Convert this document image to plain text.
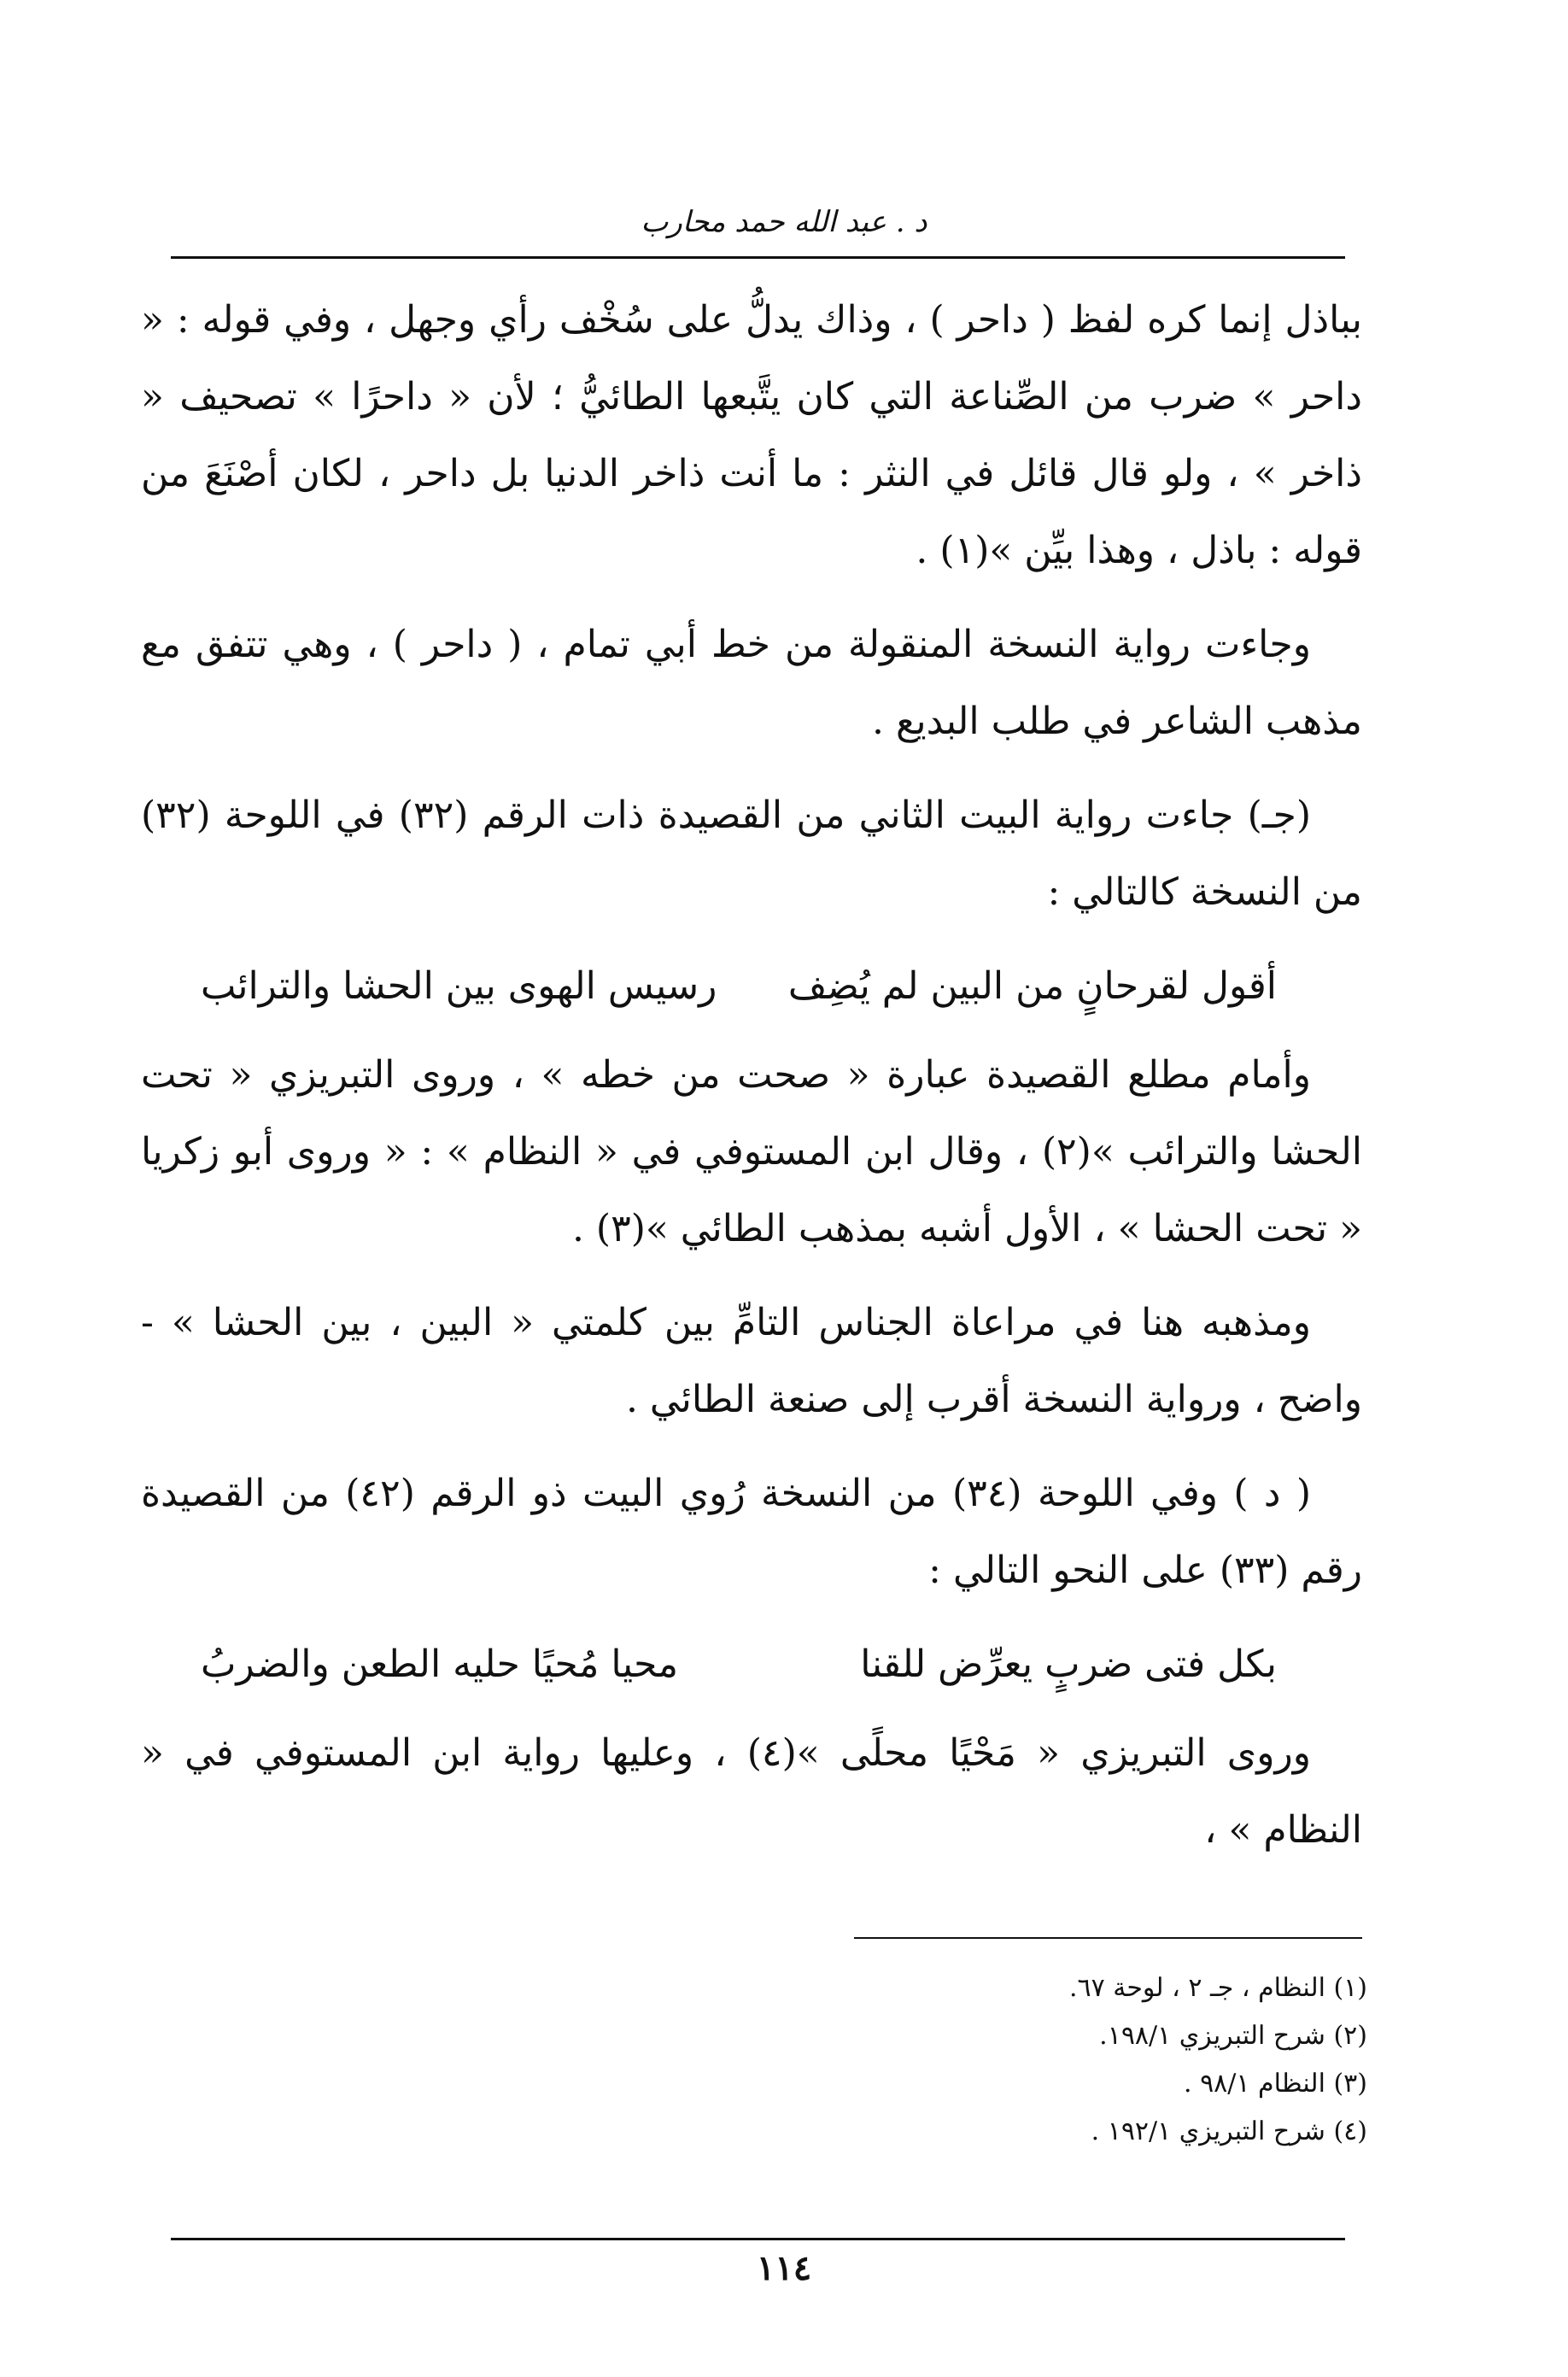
د . عبد الله حمد محارب

بباذل إنما كره لفظ ( داحر ) ، وذاك يدلُّ على سُخْف رأي وجهل ، وفي قوله : « داحر » ضرب من الصِّناعة التي كان يتَّبعها الطائيُّ ؛ لأن « داحرًا » تصحيف « ذاخر » ، ولو قال قائل في النثر : ما أنت ذاخر الدنيا بل داحر ، لكان أصْنَعَ من قوله : باذل ، وهذا بيِّن »(١) .

وجاءت رواية النسخة المنقولة من خط أبي تمام ، ( داحر ) ، وهي تتفق مع مذهب الشاعر في طلب البديع .

(جـ) جاءت رواية البيت الثاني من القصيدة ذات الرقم (٣٢) في اللوحة (٣٢) من النسخة كالتالي :

أقول لقرحانٍ من البين لم يُضِف
رسيس الهوى بين الحشا والترائب

وأمام مطلع القصيدة عبارة « صحت من خطه » ، وروى التبريزي « تحت الحشا والترائب »(٢) ، وقال ابن المستوفي في « النظام » : « وروى أبو زكريا « تحت الحشا » ، الأول أشبه بمذهب الطائي »(٣) .

ومذهبه هنا في مراعاة الجناس التامِّ بين كلمتي « البين ، بين الحشا » - واضح ، ورواية النسخة أقرب إلى صنعة الطائي .

( د ) وفي اللوحة (٣٤) من النسخة رُوي البيت ذو الرقم (٤٢) من القصيدة رقم (٣٣) على النحو التالي :

بكل فتى ضربٍ يعرِّض للقنا
محيا مُحيًا حليه الطعن والضربُ

وروى التبريزي « مَحْيًا محلًى »(٤) ، وعليها رواية ابن المستوفي في « النظام » ،

(١) النظام ، جـ ٢ ، لوحة ٦٧.
(٢) شرح التبريزي ١٩٨/١.
(٣) النظام ٩٨/١ .
(٤) شرح التبريزي ١٩٢/١ .
١١٤
